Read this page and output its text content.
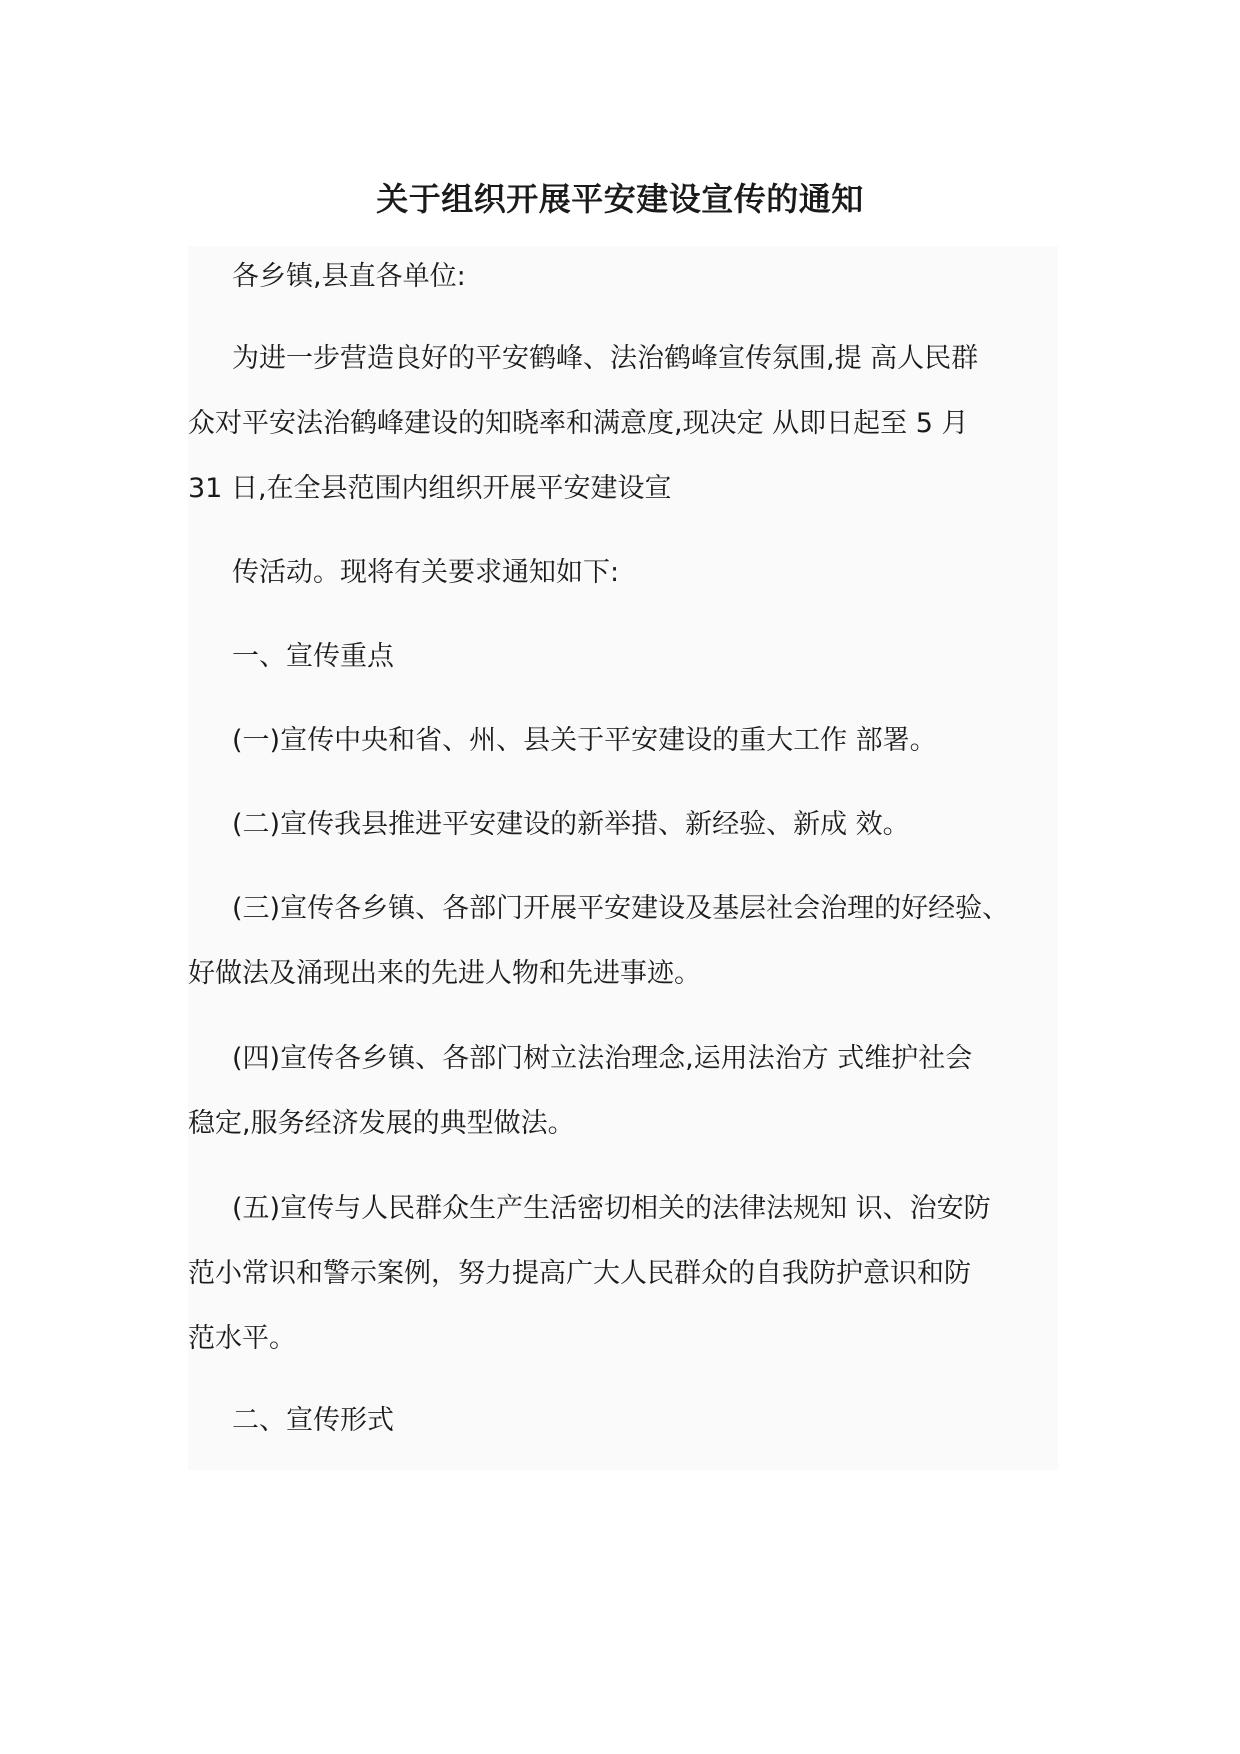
关于组织开展平安建设宣传的通知

各乡镇,县直各单位:

为进一步营造良好的平安鹤峰、法治鹤峰宣传氛围,提 高人民群
众对平安法治鹤峰建设的知晓率和满意度,现决定 从即日起至 5 月
31 日,在全县范围内组织开展平安建设宣

传活动。现将有关要求通知如下:

一、宣传重点

(一)宣传中央和省、州、县关于平安建设的重大工作 部署。

(二)宣传我县推进平安建设的新举措、新经验、新成 效。

(三)宣传各乡镇、各部门开展平安建设及基层社会治理的好经验、
好做法及涌现出来的先进人物和先进事迹。

(四)宣传各乡镇、各部门树立法治理念,运用法治方 式维护社会
稳定,服务经济发展的典型做法。

(五)宣传与人民群众生产生活密切相关的法律法规知 识、治安防
范小常识和警示案例，努力提高广大人民群众的自我防护意识和防
范水平。

二、宣传形式
